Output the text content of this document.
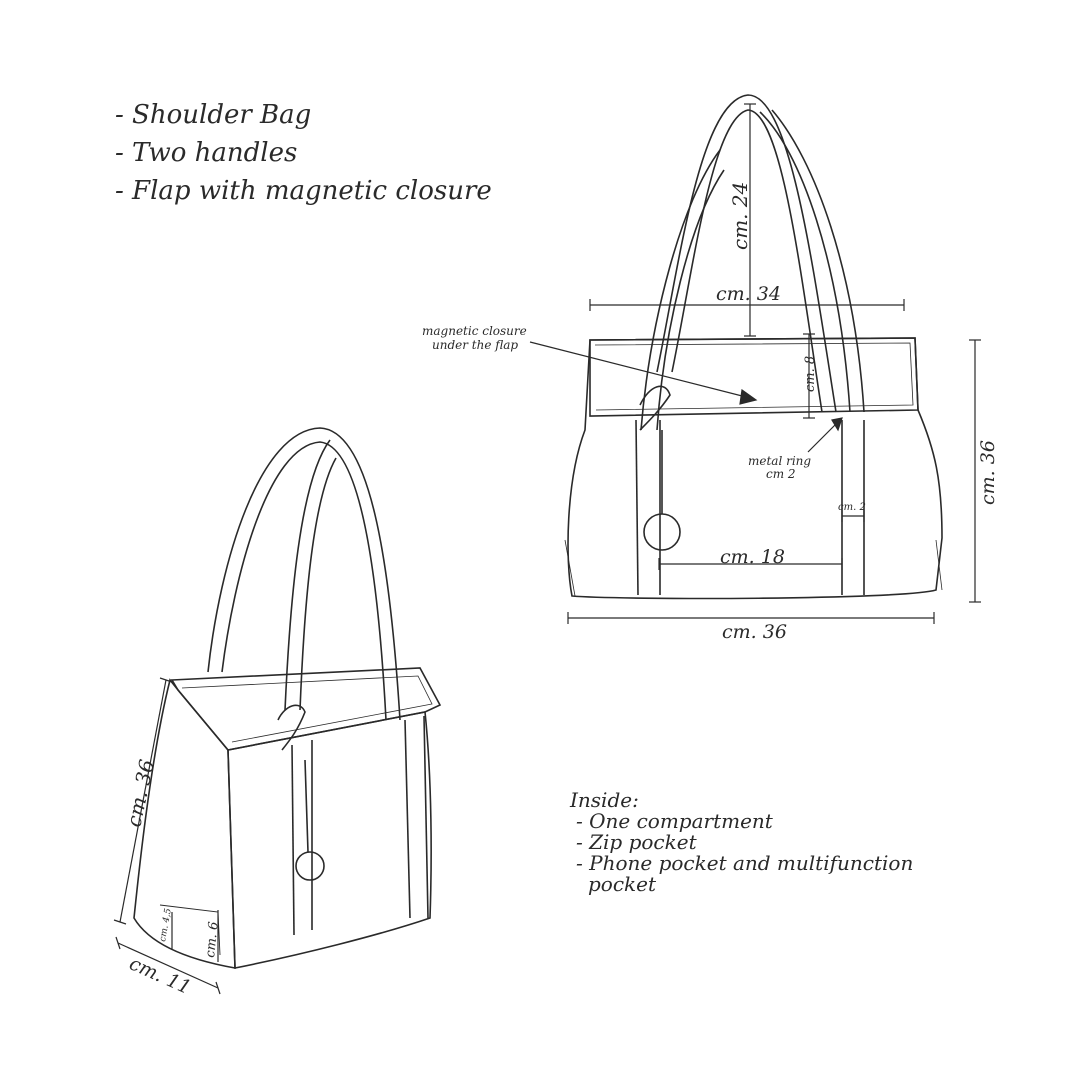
cm. 24
cm. 34
cm. 8
magnetic closure
under the flap
metal ring
cm 2
cm. 2
cm. 18
cm. 36
cm. 36
cm. 36
cm. 11
cm. 4,5 cm. 6
- Shoulder Bag
- Two handles
- Flap with magnetic closure
Inside:
- One compartment
- Zip pocket
- Phone pocket and multifunction
pocket
